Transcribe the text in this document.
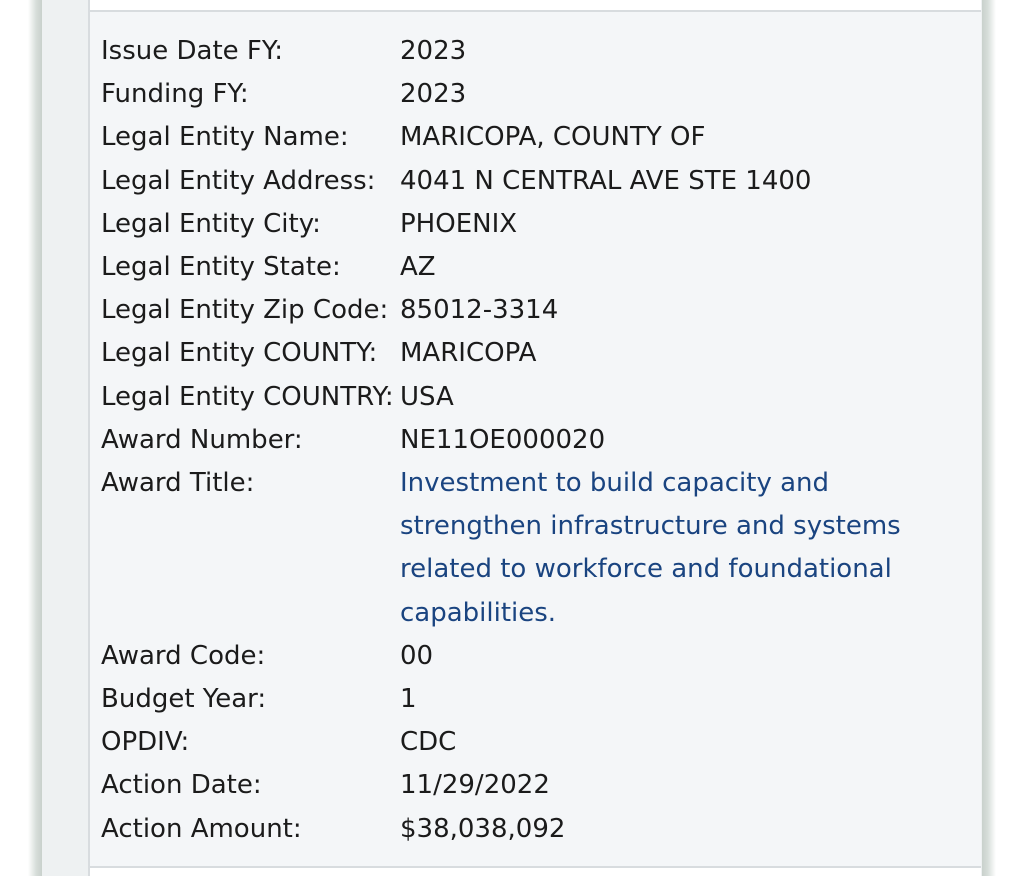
Issue Date FY:	2023
Funding FY:	2023
Legal Entity Name:	MARICOPA, COUNTY OF
Legal Entity Address: 4041 N CENTRAL AVE STE 1400
Legal Entity City:	PHOENIX
Legal Entity State:	AZ
Legal Entity Zip Code: 85012-3314
Legal Entity COUNTY: MARICOPA
Legal Entity COUNTRY: USA
Award Number:	NE11OE000020
Award Title:	Investment to build capacity and strengthen infrastructure and systems related to workforce and foundational capabilities.
Award Code:	00
Budget Year:	1
OPDIV:	CDC
Action Date:	11/29/2022
Action Amount:	$38,038,092
